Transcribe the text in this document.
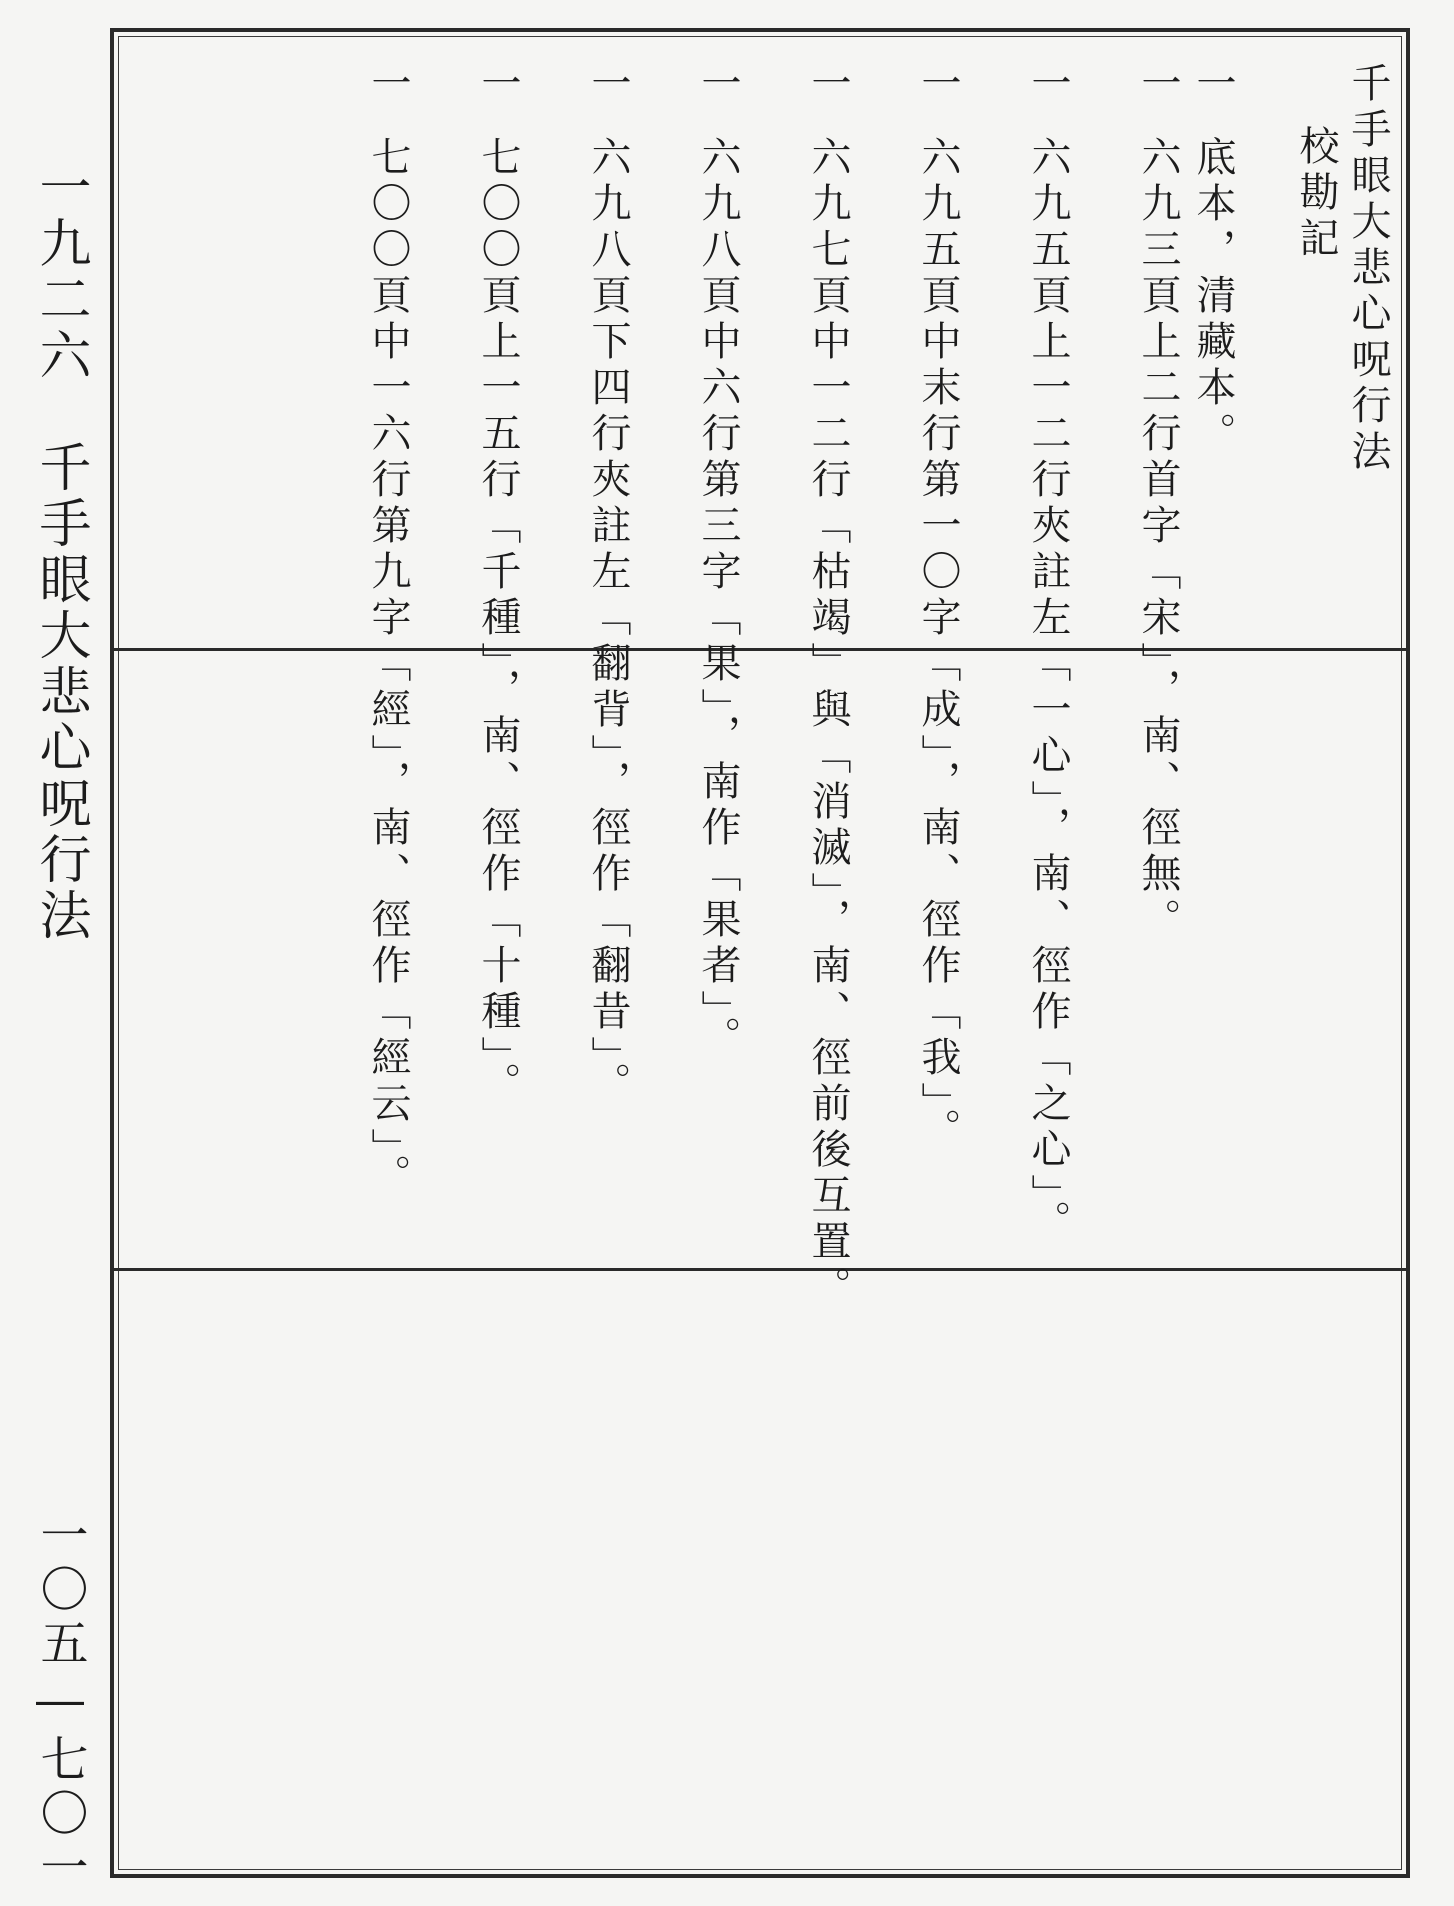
一九二六　千手眼大悲心呪行法
一〇五―七〇一
千手眼大悲心呪行法
校勘記
一底本，清藏本。
一六九三頁上二行首字「宋」，南、徑無。
一六九五頁上一二行夾註左「一心」，南、徑作「之心」。
一六九五頁中末行第一〇字「成」，南、徑作「我」。
一六九七頁中一二行「枯竭」與「消滅」，南、徑前後互置。
一六九八頁中六行第三字「果」，南作「果者」。
一六九八頁下四行夾註左「翻背」，徑作「翻昔」。
一七〇〇頁上一五行「千種」，南、徑作「十種」。
一七〇〇頁中一六行第九字「經」，南、徑作「經云」。
